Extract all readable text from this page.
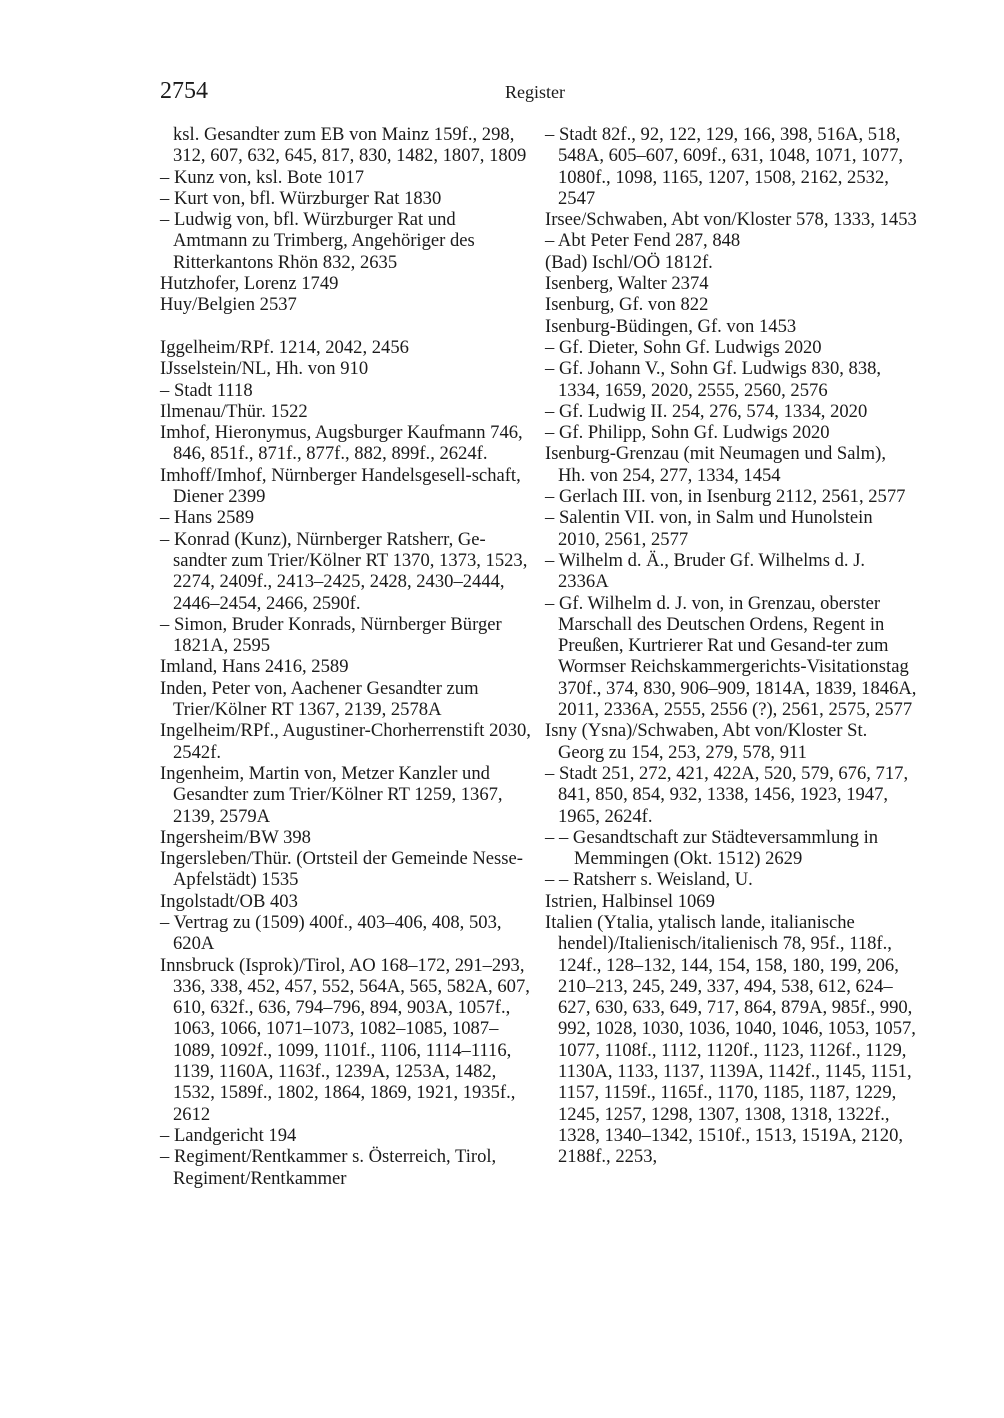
2754	Register

ksl. Gesandter zum EB von Mainz 159f., 298, 312, 607, 632, 645, 817, 830, 1482, 1807, 1809

– Kunz von, ksl. Bote 1017

– Kurt von, bfl. Würzburger Rat 1830

– Ludwig von, bfl. Würzburger Rat und Amtmann zu Trimberg, Angehöriger des Ritterkantons Rhön 832, 2635

Hutzhofer, Lorenz 1749

Huy/Belgien 2537

Iggelheim/RPf. 1214, 2042, 2456

IJsselstein/NL, Hh. von 910

– Stadt 1118

Ilmenau/Thür. 1522

Imhof, Hieronymus, Augsburger Kaufmann 746, 846, 851f., 871f., 877f., 882, 899f., 2624f.

Imhoff/Imhof, Nürnberger Handelsgesell-schaft, Diener 2399

– Hans 2589

– Konrad (Kunz), Nürnberger Ratsherr, Ge-sandter zum Trier/Kölner RT 1370, 1373, 1523, 2274, 2409f., 2413–2425, 2428, 2430–2444, 2446–2454, 2466, 2590f.

– Simon, Bruder Konrads, Nürnberger Bürger 1821A, 2595

Imland, Hans 2416, 2589

Inden, Peter von, Aachener Gesandter zum Trier/Kölner RT 1367, 2139, 2578A

Ingelheim/RPf., Augustiner-Chorherrenstift 2030, 2542f.

Ingenheim, Martin von, Metzer Kanzler und Gesandter zum Trier/Kölner RT 1259, 1367, 2139, 2579A

Ingersheim/BW 398

Ingersleben/Thür. (Ortsteil der Gemeinde Nesse-Apfelstädt) 1535

Ingolstadt/OB 403

– Vertrag zu (1509) 400f., 403–406, 408, 503, 620A

Innsbruck (Isprok)/Tirol, AO 168–172, 291–293, 336, 338, 452, 457, 552, 564A, 565, 582A, 607, 610, 632f., 636, 794–796, 894, 903A, 1057f., 1063, 1066, 1071–1073, 1082–1085, 1087–1089, 1092f., 1099, 1101f., 1106, 1114–1116, 1139, 1160A, 1163f., 1239A, 1253A, 1482, 1532, 1589f., 1802, 1864, 1869, 1921, 1935f., 2612

– Landgericht 194

– Regiment/Rentkammer s. Österreich, Tirol, Regiment/Rentkammer

– Stadt 82f., 92, 122, 129, 166, 398, 516A, 518, 548A, 605–607, 609f., 631, 1048, 1071, 1077, 1080f., 1098, 1165, 1207, 1508, 2162, 2532, 2547

Irsee/Schwaben, Abt von/Kloster 578, 1333, 1453

– Abt Peter Fend 287, 848

(Bad) Ischl/OÖ 1812f.

Isenberg, Walter 2374

Isenburg, Gf. von 822

Isenburg-Büdingen, Gf. von 1453

– Gf. Dieter, Sohn Gf. Ludwigs 2020

– Gf. Johann V., Sohn Gf. Ludwigs 830, 838, 1334, 1659, 2020, 2555, 2560, 2576

– Gf. Ludwig II. 254, 276, 574, 1334, 2020

– Gf. Philipp, Sohn Gf. Ludwigs 2020

Isenburg-Grenzau (mit Neumagen und Salm), Hh. von 254, 277, 1334, 1454

– Gerlach III. von, in Isenburg 2112, 2561, 2577

– Salentin VII. von, in Salm und Hunolstein 2010, 2561, 2577

– Wilhelm d. Ä., Bruder Gf. Wilhelms d. J. 2336A

– Gf. Wilhelm d. J. von, in Grenzau, oberster Marschall des Deutschen Ordens, Regent in Preußen, Kurtrierer Rat und Gesand-ter zum Wormser Reichskammergerichts-Visitationstag 370f., 374, 830, 906–909, 1814A, 1839, 1846A, 2011, 2336A, 2555, 2556 (?), 2561, 2575, 2577

Isny (Ysna)/Schwaben, Abt von/Kloster St. Georg zu 154, 253, 279, 578, 911

– Stadt 251, 272, 421, 422A, 520, 579, 676, 717, 841, 850, 854, 932, 1338, 1456, 1923, 1947, 1965, 2624f.

– – Gesandtschaft zur Städteversammlung in Memmingen (Okt. 1512) 2629

– – Ratsherr s. Weisland, U.

Istrien, Halbinsel 1069

Italien (Ytalia, ytalisch lande, italianische hendel)/Italienisch/italienisch 78, 95f., 118f., 124f., 128–132, 144, 154, 158, 180, 199, 206, 210–213, 245, 249, 337, 494, 538, 612, 624–627, 630, 633, 649, 717, 864, 879A, 985f., 990, 992, 1028, 1030, 1036, 1040, 1046, 1053, 1057, 1077, 1108f., 1112, 1120f., 1123, 1126f., 1129, 1130A, 1133, 1137, 1139A, 1142f., 1145, 1151, 1157, 1159f., 1165f., 1170, 1185, 1187, 1229, 1245, 1257, 1298, 1307, 1308, 1318, 1322f., 1328, 1340–1342, 1510f., 1513, 1519A, 2120, 2188f., 2253,
